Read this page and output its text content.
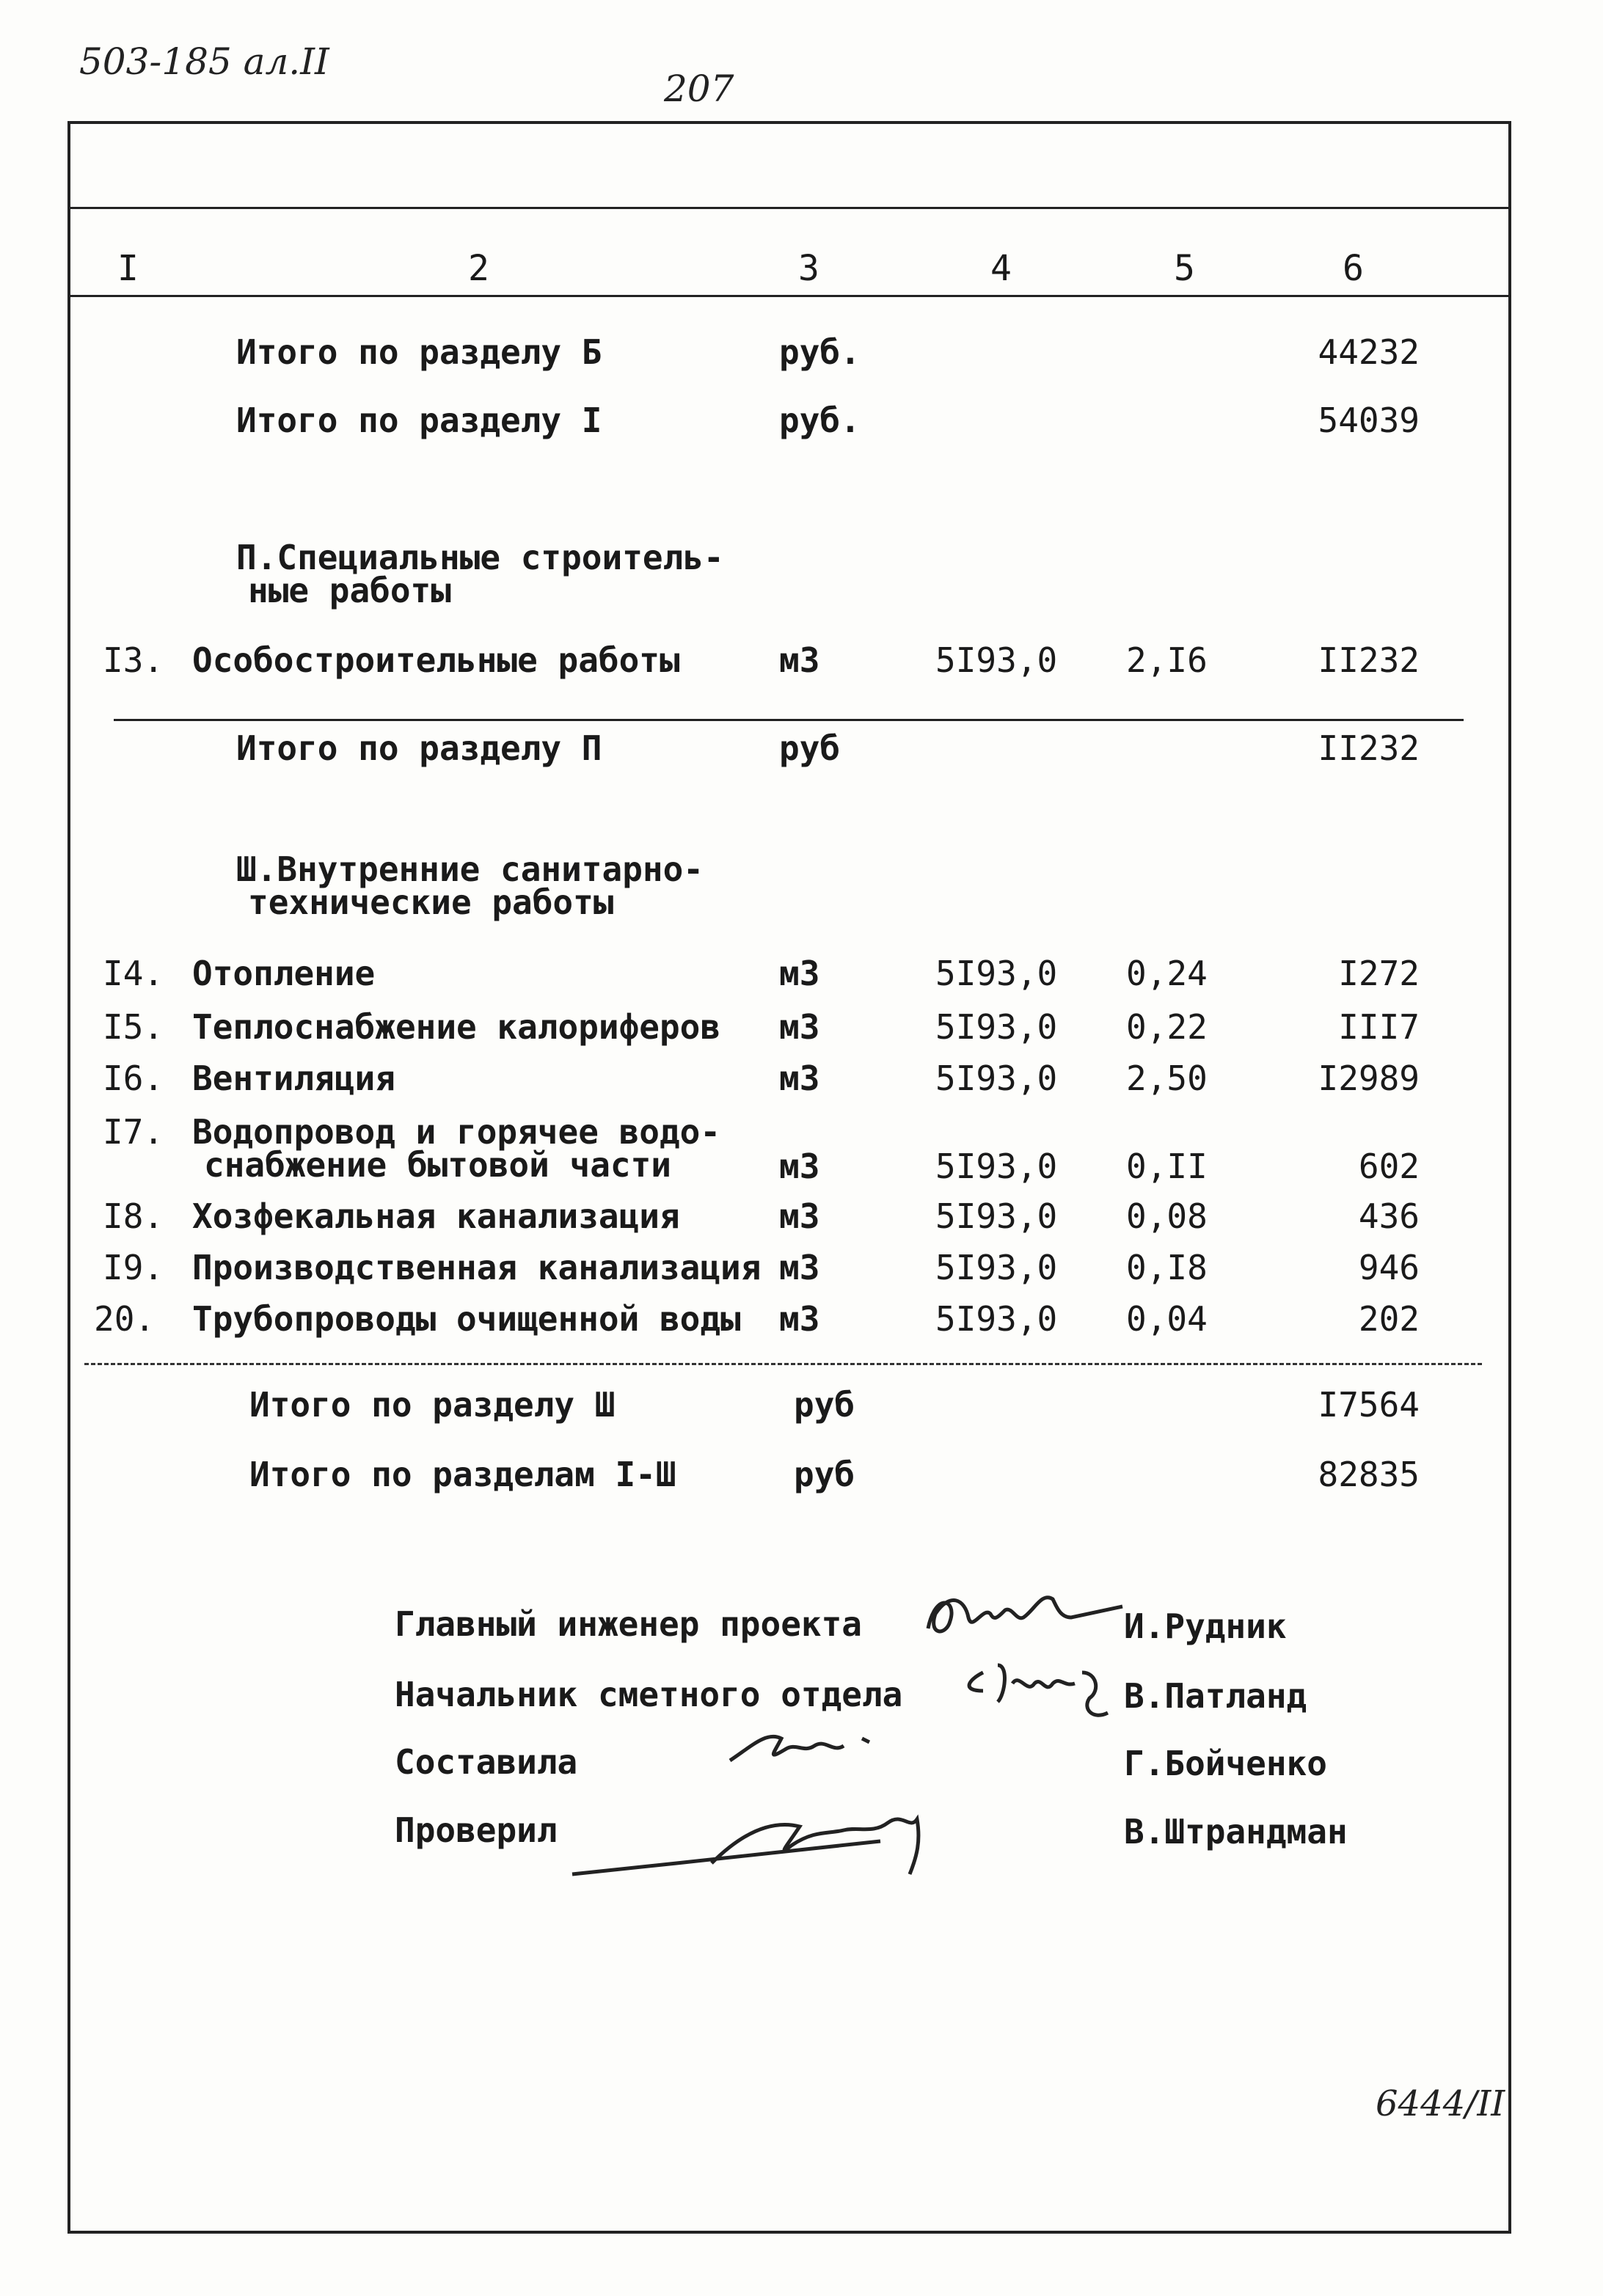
503-185 ал.II
207
I	2	3	4	5	6
Итого по разделу Б	руб.	44232
Итого по разделу I	руб.	54039
П.Специальные строитель-
ные работы
I3. Особостроительные работы	м3	5I93,0 2,I6	II232
Итого по разделу П	руб	II232
Ш.Внутренние санитарно-
технические работы
I4. Отопление	м3	5I93,0 0,24	I272
I5. Теплоснабжение калориферов м3	5I93,0 0,22	III7
I6. Вентиляция	м3	5I93,0 2,50	I2989
I7. Водопровод и горячее водо-
снабжение бытовой части	м3	5I93,0 0,II	602
I8. Хозфекальная канализация	м3	5I93,0 0,08	436
I9. Производственная канализация м3	5I93,0 0,I8	946
20. Трубопроводы очищенной воды м3	5I93,0 0,04	202
Итого по разделу Ш	руб	I7564
Итого по разделам I-Ш	руб	82835
Главный инженер проекта	И.Рудник
Начальник сметного отдела	В.Патланд
Составила	Г.Бойченко
Проверил	В.Штрандман
6444/II
